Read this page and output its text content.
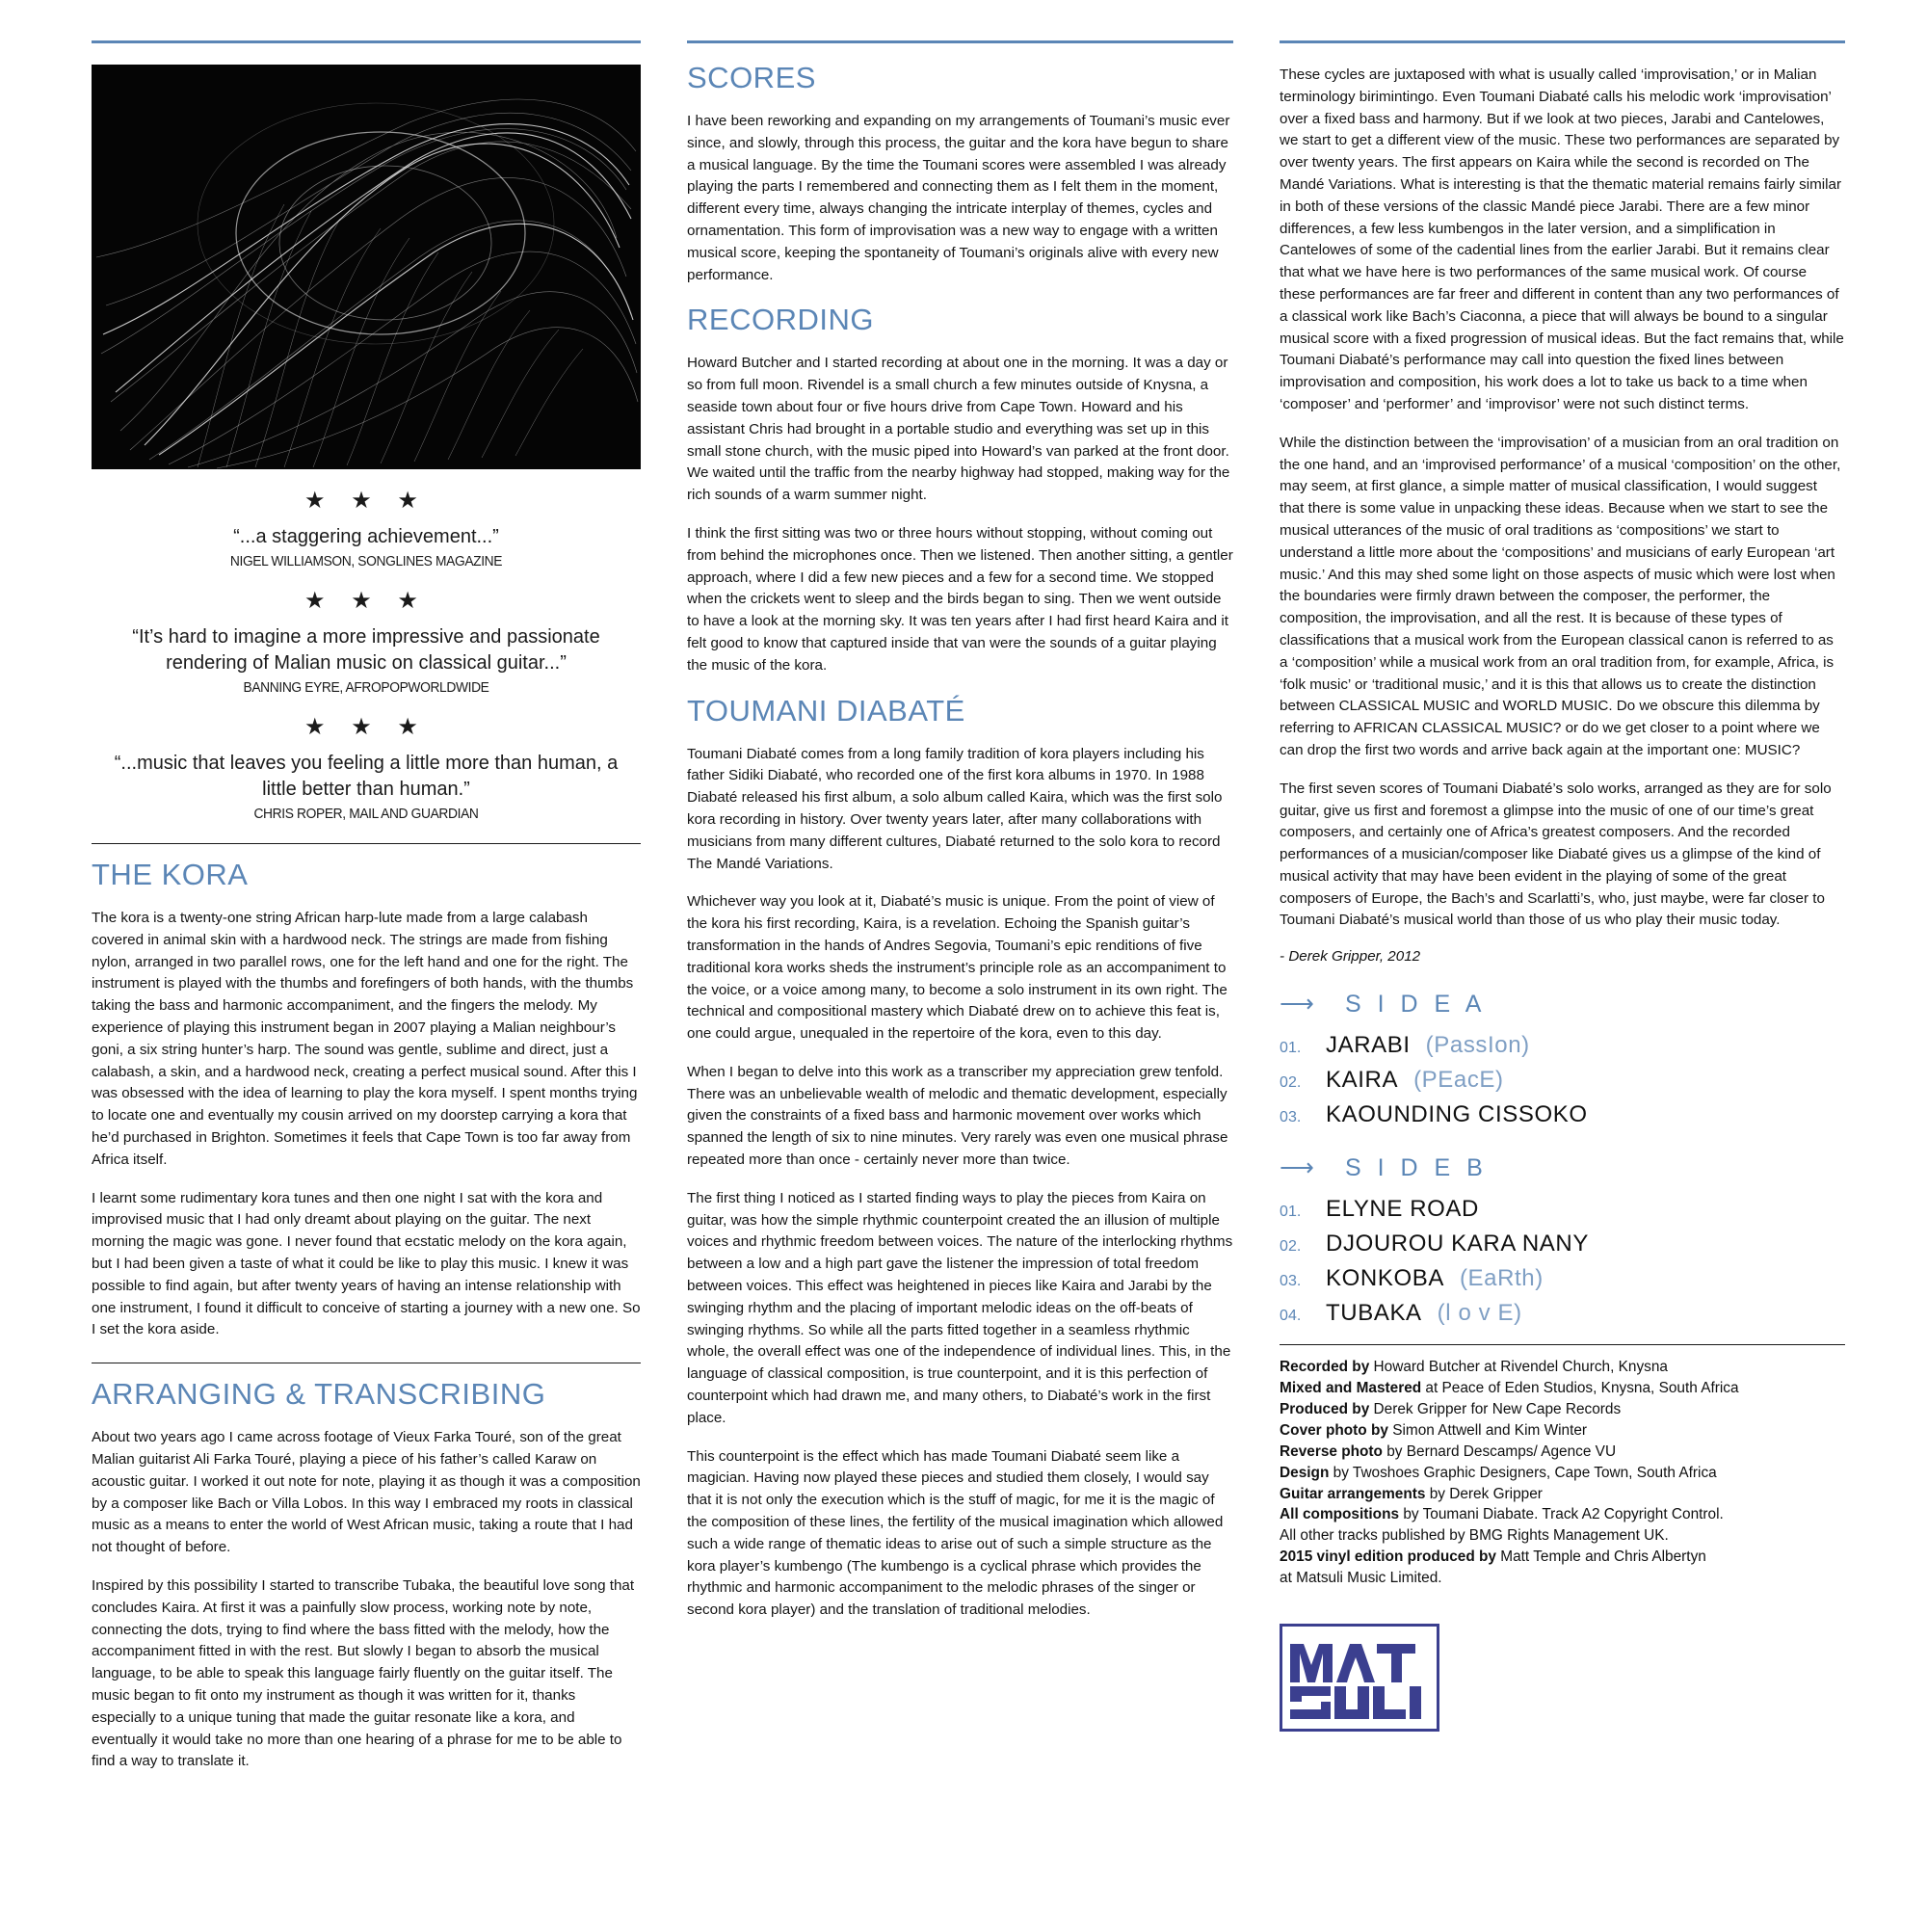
★ ★ ★
“...a staggering achievement...”
NIGEL WILLIAMSON, SONGLINES MAGAZINE
★ ★ ★
“It’s hard to imagine a more impressive and passionate rendering of Malian music on classical guitar...”
BANNING EYRE, AFROPOPWORLDWIDE
★ ★ ★
“...music that leaves you feeling a little more than human, a little better than human.”
CHRIS ROPER, MAIL AND GUARDIAN
THE KORA

The kora is a twenty-one string African harp-lute made from a large calabash covered in animal skin with a hardwood neck. The strings are made from fishing nylon, arranged in two parallel rows, one for the left hand and one for the right. The instrument is played with the thumbs and forefingers of both hands, with the thumbs taking the bass and harmonic accompaniment, and the fingers the melody. My experience of playing this instrument began in 2007 playing a Malian neighbour’s goni, a six string hunter’s harp. The sound was gentle, sublime and direct, just a calabash, a skin, and a hardwood neck, creating a perfect musical sound. After this I was obsessed with the idea of learning to play the kora myself. I spent months trying to locate one and eventually my cousin arrived on my doorstep carrying a kora that he’d purchased in Brighton. Sometimes it feels that Cape Town is too far away from Africa itself.

I learnt some rudimentary kora tunes and then one night I sat with the kora and improvised music that I had only dreamt about playing on the guitar. The next morning the magic was gone. I never found that ecstatic melody on the kora again, but I had been given a taste of what it could be like to play this music. I knew it was possible to find again, but after twenty years of having an intense relationship with one instrument, I found it difficult to conceive of starting a journey with a new one. So I set the kora aside.

ARRANGING & TRANSCRIBING

About two years ago I came across footage of Vieux Farka Touré, son of the great Malian guitarist Ali Farka Touré, playing a piece of his father’s called Karaw on acoustic guitar. I worked it out note for note, playing it as though it was a composition by a composer like Bach or Villa Lobos. In this way I embraced my roots in classical music as a means to enter the world of West African music, taking a route that I had not thought of before.

Inspired by this possibility I started to transcribe Tubaka, the beautiful love song that concludes Kaira. At first it was a painfully slow process, working note by note, connecting the dots, trying to find where the bass fitted with the melody, how the accompaniment fitted in with the rest. But slowly I began to absorb the musical language, to be able to speak this language fairly fluently on the guitar itself. The music began to fit onto my instrument as though it was written for it, thanks especially to a unique tuning that made the guitar resonate like a kora, and eventually it would take no more than one hearing of a phrase for me to be able to find a way to translate it.

SCORES

I have been reworking and expanding on my arrangements of Toumani’s music ever since, and slowly, through this process, the guitar and the kora have begun to share a musical language. By the time the Toumani scores were assembled I was already playing the parts I remembered and connecting them as I felt them in the moment, different every time, always changing the intricate interplay of themes, cycles and ornamentation. This form of improvisation was a new way to engage with a written musical score, keeping the spontaneity of Toumani’s originals alive with every new performance.

RECORDING

Howard Butcher and I started recording at about one in the morning. It was a day or so from full moon. Rivendel is a small church a few minutes outside of Knysna, a seaside town about four or five hours drive from Cape Town. Howard and his assistant Chris had brought in a portable studio and everything was set up in this small stone church, with the music piped into Howard’s van parked at the front door. We waited until the traffic from the nearby highway had stopped, making way for the rich sounds of a warm summer night.

I think the first sitting was two or three hours without stopping, without coming out from behind the microphones once. Then we listened. Then another sitting, a gentler approach, where I did a few new pieces and a few for a second time. We stopped when the crickets went to sleep and the birds began to sing. Then we went outside to have a look at the morning sky. It was ten years after I had first heard Kaira and it felt good to know that captured inside that van were the sounds of a guitar playing the music of the kora.

TOUMANI DIABATÉ

Toumani Diabaté comes from a long family tradition of kora players including his father Sidiki Diabaté, who recorded one of the first kora albums in 1970. In 1988 Diabaté released his first album, a solo album called Kaira, which was the first solo kora recording in history. Over twenty years later, after many collaborations with musicians from many different cultures, Diabaté returned to the solo kora to record The Mandé Variations.

Whichever way you look at it, Diabaté’s music is unique. From the point of view of the kora his first recording, Kaira, is a revelation. Echoing the Spanish guitar’s transformation in the hands of Andres Segovia, Toumani’s epic renditions of five traditional kora works sheds the instrument’s principle role as an accompaniment to the voice, or a voice among many, to become a solo instrument in its own right. The technical and compositional mastery which Diabaté drew on to achieve this feat is, one could argue, unequaled in the repertoire of the kora, even to this day.

When I began to delve into this work as a transcriber my appreciation grew tenfold. There was an unbelievable wealth of melodic and thematic development, especially given the constraints of a fixed bass and harmonic movement over works which spanned the length of six to nine minutes. Very rarely was even one musical phrase repeated more than once - certainly never more than twice.

The first thing I noticed as I started finding ways to play the pieces from Kaira on guitar, was how the simple rhythmic counterpoint created the an illusion of multiple voices and rhythmic freedom between voices. The nature of the interlocking rhythms between a low and a high part gave the listener the impression of total freedom between voices. This effect was heightened in pieces like Kaira and Jarabi by the swinging rhythm and the placing of important melodic ideas on the off-beats of swinging rhythms. So while all the parts fitted together in a seamless rhythmic whole, the overall effect was one of the independence of individual lines. This, in the language of classical composition, is true counterpoint, and it is this perfection of counterpoint which had drawn me, and many others, to Diabaté’s work in the first place.

This counterpoint is the effect which has made Toumani Diabaté seem like a magician. Having now played these pieces and studied them closely, I would say that it is not only the execution which is the stuff of magic, for me it is the magic of the composition of these lines, the fertility of the musical imagination which allowed such a wide range of thematic ideas to arise out of such a simple structure as the kora player’s kumbengo (The kumbengo is a cyclical phrase which provides the rhythmic and harmonic accompaniment to the melodic phrases of the singer or second kora player) and the translation of traditional melodies.

These cycles are juxtaposed with what is usually called ‘improvisation,’ or in Malian terminology birimintingo. Even Toumani Diabaté calls his melodic work ‘improvisation’ over a fixed bass and harmony. But if we look at two pieces, Jarabi and Cantelowes, we start to get a different view of the music. These two performances are separated by over twenty years. The first appears on Kaira while the second is recorded on The Mandé Variations. What is interesting is that the thematic material remains fairly similar in both of these versions of the classic Mandé piece Jarabi. There are a few minor differences, a few less kumbengos in the later version, and a simplification in Cantelowes of some of the cadential lines from the earlier Jarabi. But it remains clear that what we have here is two performances of the same musical work. Of course these performances are far freer and different in content than any two performances of a classical work like Bach’s Ciaconna, a piece that will always be bound to a singular musical score with a fixed progression of musical ideas. But the fact remains that, while Toumani Diabaté’s performance may call into question the fixed lines between improvisation and composition, his work does a lot to take us back to a time when ‘composer’ and ‘performer’ and ‘improvisor’ were not such distinct terms.

While the distinction between the ‘improvisation’ of a musician from an oral tradition on the one hand, and an ‘improvised performance’ of a musical ‘composition’ on the other, may seem, at first glance, a simple matter of musical classification, I would suggest that there is some value in unpacking these ideas. Because when we start to see the musical utterances of the music of oral traditions as ‘compositions’ we start to understand a little more about the ‘compositions’ and musicians of early European ‘art music.’ And this may shed some light on those aspects of music which were lost when the boundaries were firmly drawn between the composer, the performer, the composition, the improvisation, and all the rest. It is because of these types of classifications that a musical work from the European classical canon is referred to as a ‘composition’ while a musical work from an oral tradition from, for example, Africa, is ‘folk music’ or ‘traditional music,’ and it is this that allows us to create the distinction between CLASSICAL MUSIC and WORLD MUSIC. Do we obscure this dilemma by referring to AFRICAN CLASSICAL MUSIC? or do we get closer to a point where we can drop the first two words and arrive back again at the important one: MUSIC?

The first seven scores of Toumani Diabaté’s solo works, arranged as they are for solo guitar, give us first and foremost a glimpse into the music of one of our time’s great composers, and certainly one of Africa’s greatest composers. And the recorded performances of a musician/composer like Diabaté gives us a glimpse of the kind of musical activity that may have been evident in the playing of some of the great composers of Europe, the Bach’s and Scarlatti’s, who, just maybe, were far closer to Toumani Diabaté’s musical world than those of us who play their music today.

- Derek Gripper, 2012
⟶	S I D E A
01.	JARABI (PassIon)
02.	KAIRA (PEacE)
03.	KAOUNDING CISSOKO
⟶	S I D E B
01.	ELYNE ROAD
02.	DJOUROU KARA NANY
03.	KONKOBA (EaRth)
04.	TUBAKA (l o v E)
Recorded by Howard Butcher at Rivendel Church, Knysna
Mixed and Mastered at Peace of Eden Studios, Knysna, South Africa
Produced by Derek Gripper for New Cape Records
Cover photo by Simon Attwell and Kim Winter
Reverse photo by Bernard Descamps/ Agence VU
Design by Twoshoes Graphic Designers, Cape Town, South Africa
Guitar arrangements by Derek Gripper
All compositions by Toumani Diabate. Track A2 Copyright Control.
All other tracks published by BMG Rights Management UK.
2015 vinyl edition produced by Matt Temple and Chris Albertyn
at Matsuli Music Limited.
